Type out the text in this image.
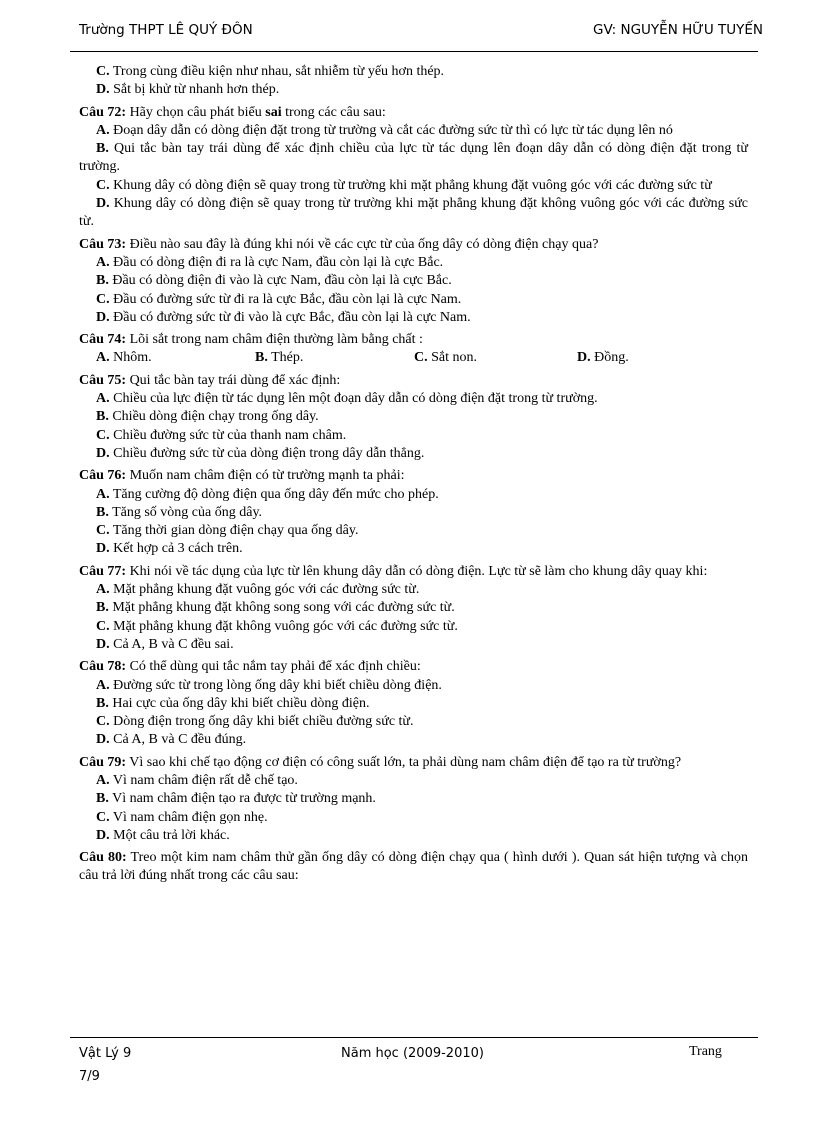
Trường THPT LÊ QUÝ ĐÔN	GV: NGUYỄN HỮU TUYẾN
C. Trong cùng điều kiện như nhau, sắt nhiễm từ yếu hơn thép.
D. Sắt bị khử từ nhanh hơn thép.
Câu 72: Hãy chọn câu phát biểu sai trong các câu sau:
A. Đoạn dây dẫn có dòng điện đặt trong từ trường và cắt các đường sức từ thì có lực từ tác dụng lên nó
B. Qui tắc bàn tay trái dùng để xác định chiều của lực từ tác dụng lên đoạn dây dẫn có dòng điện đặt trong từ trường.
C. Khung dây có dòng điện sẽ quay trong từ trường khi mặt phẳng khung đặt vuông góc với các đường sức từ
D. Khung dây có dòng điện sẽ quay trong từ trường khi mặt phẳng khung đặt không vuông góc với các đường sức từ.
Câu 73: Điều nào sau đây là đúng khi nói về các cực từ của ống dây có dòng điện chạy qua?
A. Đầu có dòng điện đi ra là cực Nam, đầu còn lại là cực Bắc.
B. Đầu có dòng điện đi vào là cực Nam, đầu còn lại là cực Bắc.
C. Đầu có đường sức từ đi ra là cực Bắc, đầu còn lại là cực Nam.
D. Đầu có đường sức từ đi vào là cực Bắc, đầu còn lại là cực Nam.
Câu 74: Lõi sắt trong nam châm điện thường làm bằng chất :
A. Nhôm.	B. Thép.	C. Sắt non.	D. Đồng.
Câu 75: Qui tắc bàn tay trái dùng để xác định:
A. Chiều của lực điện từ tác dụng lên một đoạn dây dẫn có dòng điện đặt trong từ trường.
B. Chiều dòng điện chạy trong ống dây.
C. Chiều đường sức từ của thanh nam châm.
D. Chiều đường sức từ của dòng điện trong dây dẫn thẳng.
Câu 76: Muốn nam châm điện có từ trường mạnh ta phải:
A. Tăng cường độ dòng điện qua ống dây đến mức cho phép.
B. Tăng số vòng của ống dây.
C. Tăng thời gian dòng điện chạy qua ống dây.
D. Kết hợp cả 3 cách trên.
Câu 77: Khi nói về tác dụng của lực từ lên khung dây dẫn có dòng điện. Lực từ sẽ làm cho khung dây quay khi:
A. Mặt phẳng khung đặt vuông góc với các đường sức từ.
B. Mặt phẳng khung đặt không song song với các đường sức từ.
C. Mặt phẳng khung đặt không vuông góc với các đường sức từ.
D. Cả A, B và C đều sai.
Câu 78: Có thể dùng qui tắc nắm tay phải để xác định chiều:
A. Đường sức từ trong lòng ống dây khi biết chiều dòng điện.
B. Hai cực của ống dây khi biết chiều dòng điện.
C. Dòng điện trong ống dây khi biết chiều đường sức từ.
D. Cả A, B và C đều đúng.
Câu 79: Vì sao khi chế tạo động cơ điện có công suất lớn, ta phải dùng nam châm điện để tạo ra từ trường?
A. Vì nam châm điện rất dễ chế tạo.
B. Vì nam châm điện tạo ra được từ trường mạnh.
C. Vì nam châm điện gọn nhẹ.
D. Một câu trả lời khác.
Câu 80: Treo một kim nam châm thử gần ống dây có dòng điện chạy qua ( hình dưới ). Quan sát hiện tượng và chọn câu trả lời đúng nhất trong các câu sau:
Vật Lý 9	Năm học (2009-2010)	Trang
7/9
